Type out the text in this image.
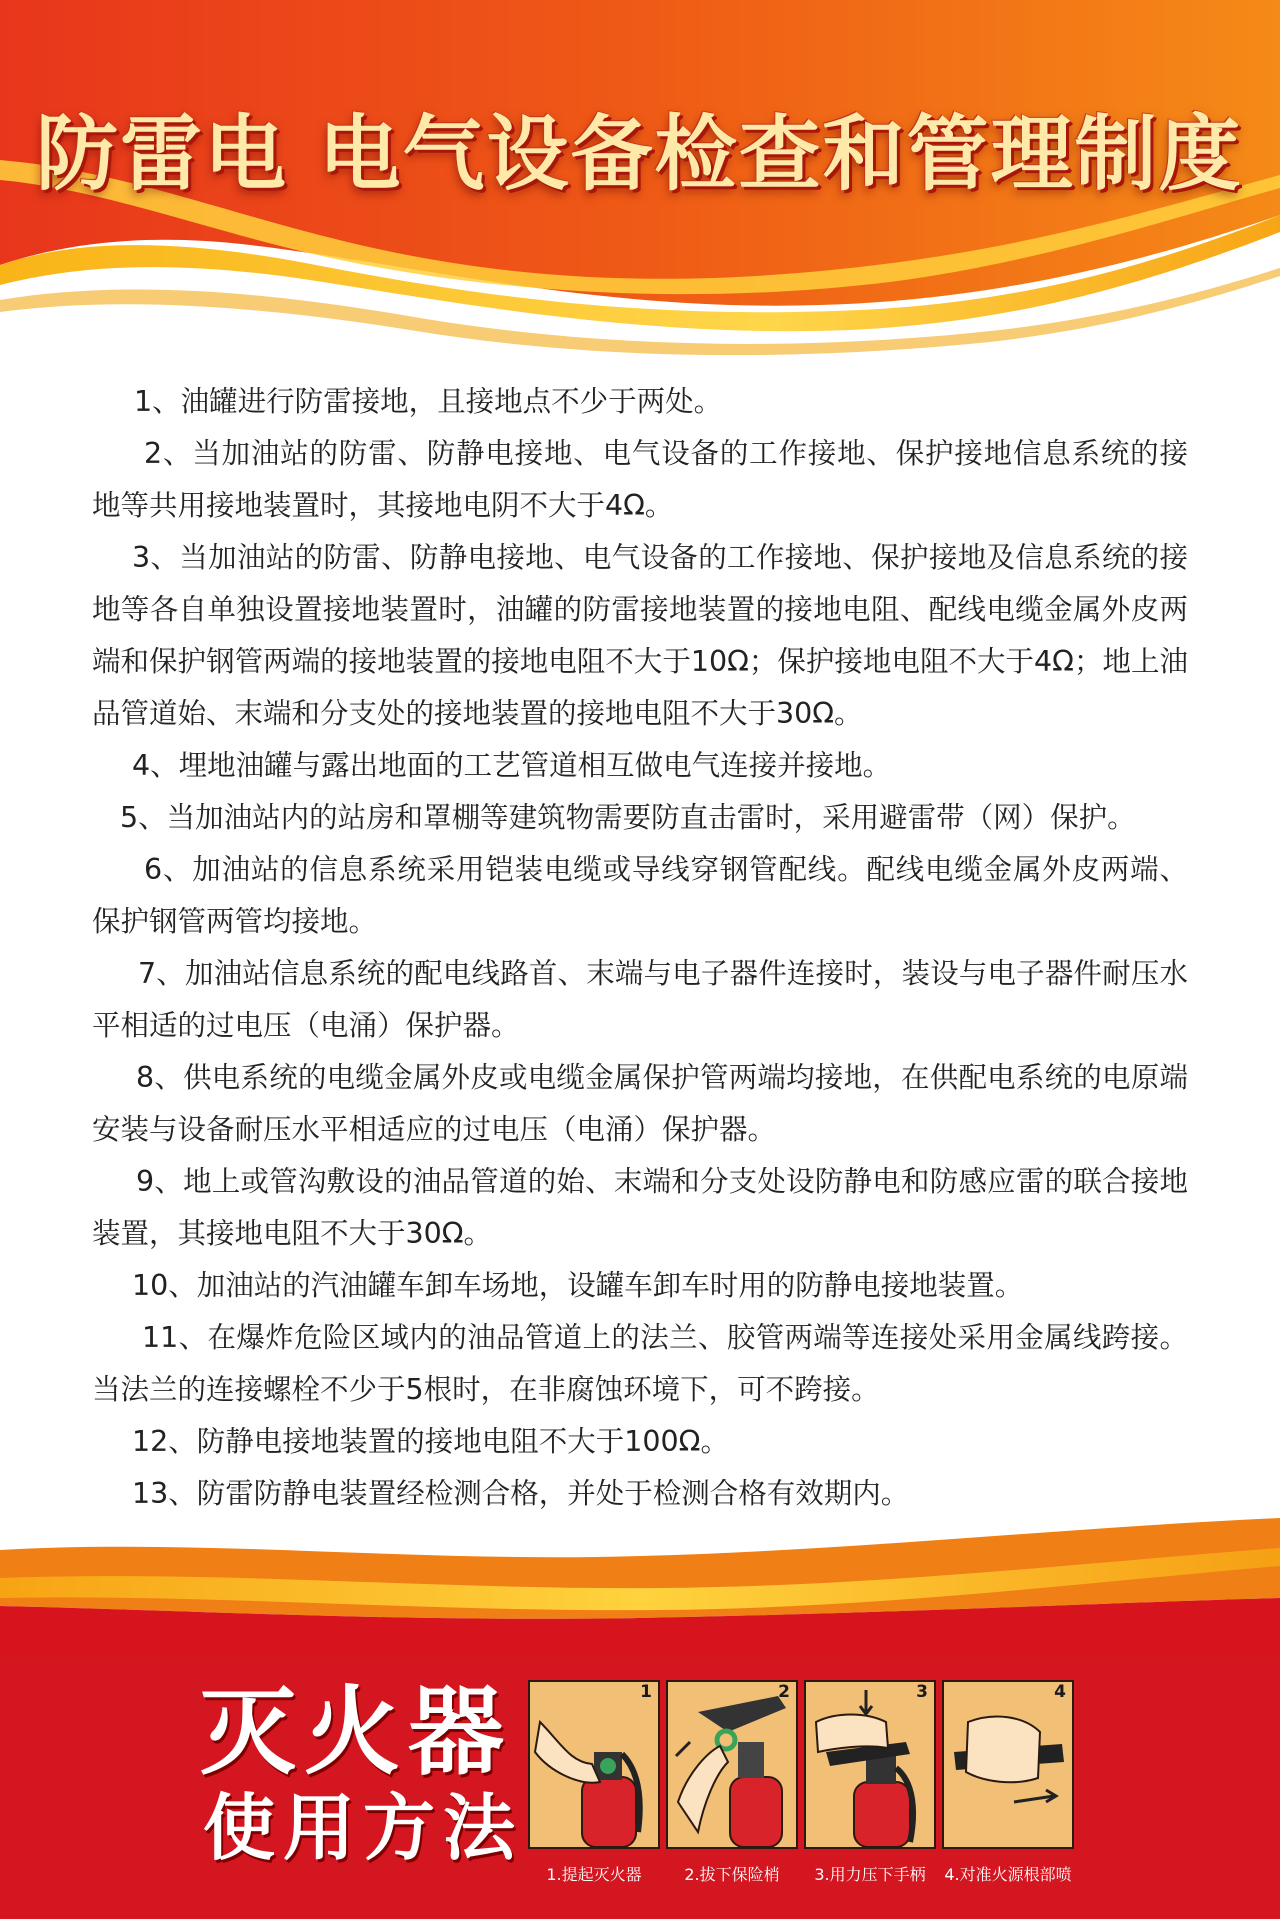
防雷电 电气设备检查和管理制度

1、油罐进行防雷接地，且接地点不少于两处。

2、当加油站的防雷、防静电接地、电气设备的工作接地、保护接地信息系统的接地等共用接地装置时，其接地电阴不大于4Ω。

3、当加油站的防雷、防静电接地、电气设备的工作接地、保护接地及信息系统的接地等各自单独设置接地装置时，油罐的防雷接地装置的接地电阻、配线电缆金属外皮两端和保护钢管两端的接地装置的接地电阻不大于10Ω；保护接地电阻不大于4Ω；地上油品管道始、末端和分支处的接地装置的接地电阻不大于30Ω。

4、埋地油罐与露出地面的工艺管道相互做电气连接并接地。

5、当加油站内的站房和罩棚等建筑物需要防直击雷时，采用避雷带（网）保护。

6、加油站的信息系统采用铠装电缆或导线穿钢管配线。配线电缆金属外皮两端、保护钢管两管均接地。

7、加油站信息系统的配电线路首、末端与电子器件连接时，装设与电子器件耐压水平相适的过电压（电涌）保护器。

8、供电系统的电缆金属外皮或电缆金属保护管两端均接地，在供配电系统的电原端安装与设备耐压水平相适应的过电压（电涌）保护器。

9、地上或管沟敷设的油品管道的始、末端和分支处设防静电和防感应雷的联合接地装置，其接地电阻不大于30Ω。

10、加油站的汽油罐车卸车场地，设罐车卸车时用的防静电接地装置。

11、在爆炸危险区域内的油品管道上的法兰、胶管两端等连接处采用金属线跨接。当法兰的连接螺栓不少于5根时，在非腐蚀环境下，可不跨接。

12、防静电接地装置的接地电阻不大于100Ω。

13、防雷防静电装置经检测合格，并处于检测合格有效期内。

灭火器
使用方法
1
1.提起灭火器
2
2.拔下保险梢
3
3.用力压下手柄
4
4.对准火源根部喷
